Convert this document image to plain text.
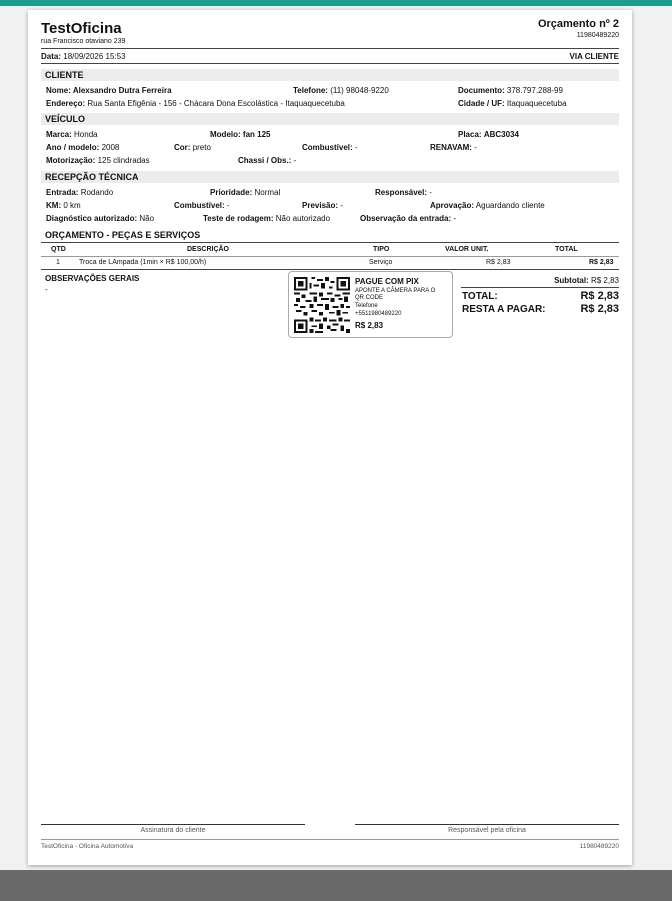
TestOficina
rua Francisco otaviano 239
Orçamento nº 2
11980489220
Data: 18/09/2026 15:53	VIA CLIENTE
CLIENTE
Nome: Alexsandro Dutra Ferreira	Telefone: (11) 98048-9220	Documento: 378.797.288-99
Endereço: Rua Santa Efigênia - 156 - Chácara Dona Escolástica - Itaquaquecetuba	Cidade / UF: Itaquaquecetuba
VEÍCULO
Marca: Honda	Modelo: fan 125	Placa: ABC3034
Ano / modelo: 2008	Cor: preto	Combustível: -	RENAVAM: -
Motorização: 125 clindradas	Chassi / Obs.: -
RECEPÇÃO TÉCNICA
Entrada: Rodando	Prioridade: Normal	Responsável: -
KM: 0 km	Combustível: -	Previsão: -	Aprovação: Aguardando cliente
Diagnóstico autorizado: Não	Teste de rodagem: Não autorizado	Observação da entrada: -
ORÇAMENTO - PEÇAS E SERVIÇOS
QTD	DESCRIÇÃO	TIPO	VALOR UNIT.	TOTAL
1	Troca de LAmpada (1min × R$ 100,00/h)	Serviço	R$ 2,83	R$ 2,83
OBSERVAÇÕES GERAIS
-
PAGUE COM PIX
APONTE A CÂMERA PARA O
QR CODE
Telefone
+5511980489220
R$ 2,83
Subtotal: R$ 2,83
TOTAL:	R$ 2,83
RESTA A PAGAR:	R$ 2,83
Assinatura do cliente	Responsável pela oficina
TestOficina - Oficina Automotiva	11980489220
